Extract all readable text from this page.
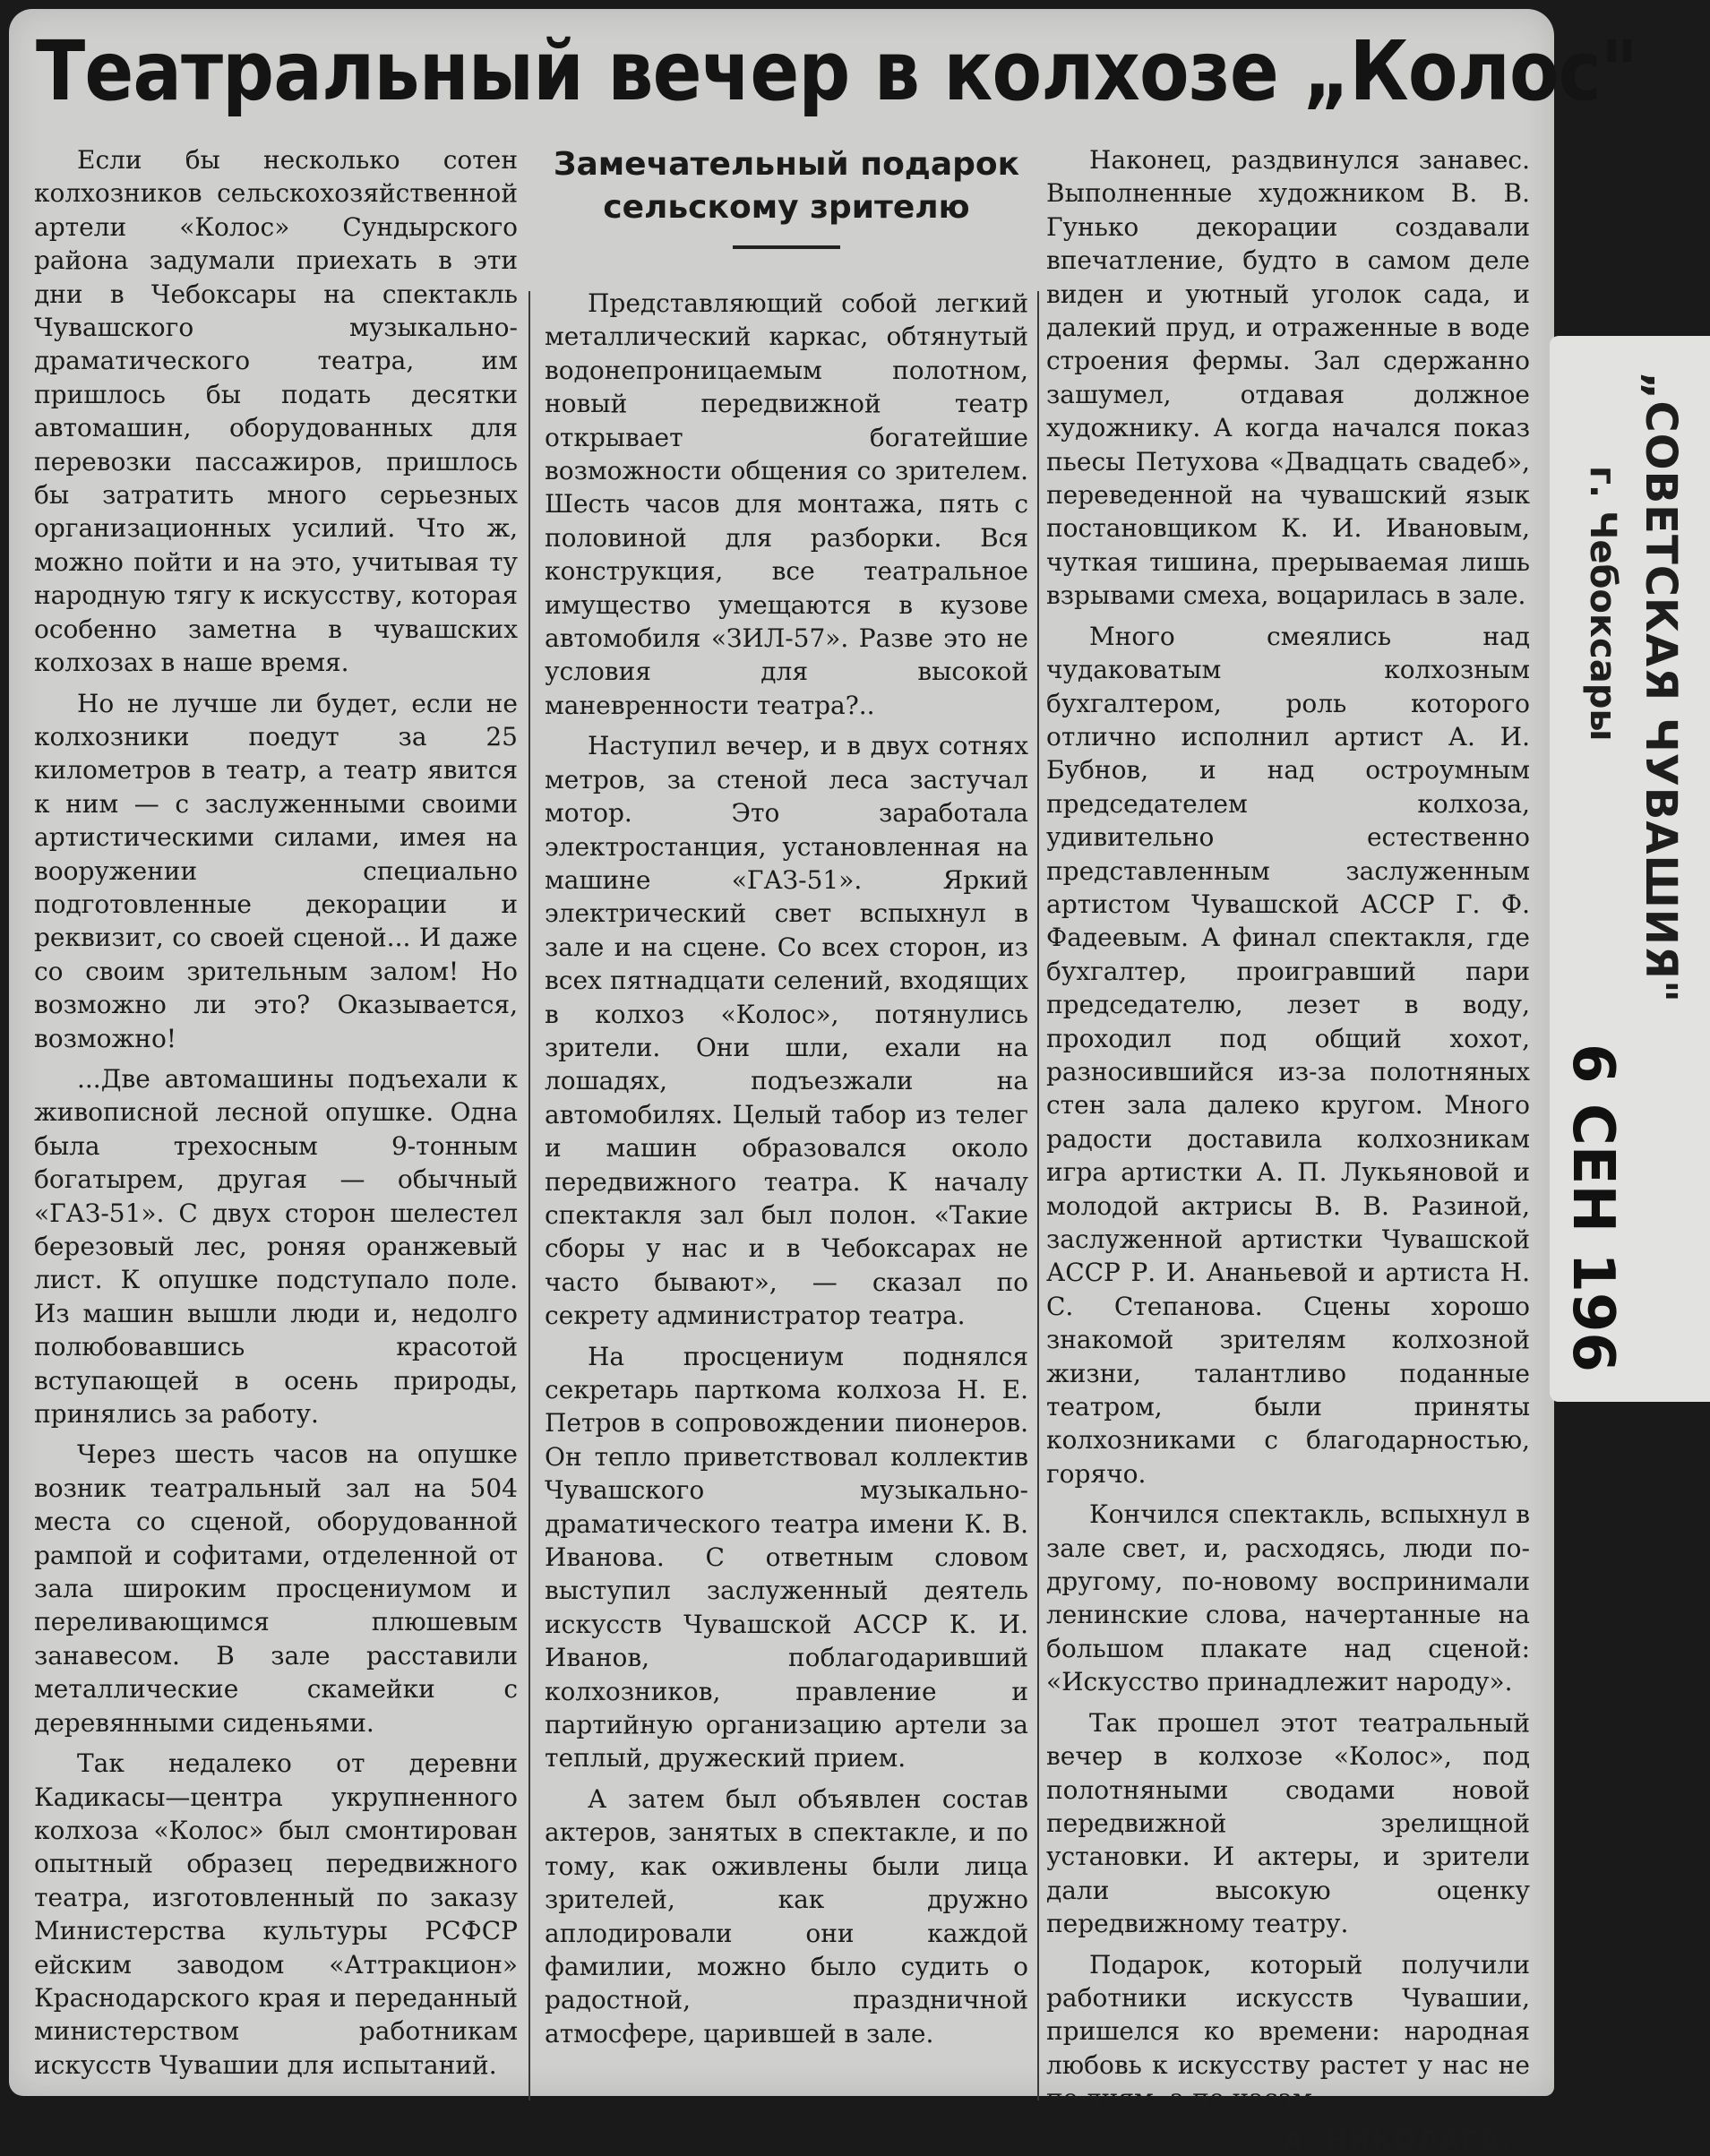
Театральный вечер в колхозе „Колос"

Если бы несколько сотен колхозников сельскохозяйственной артели «Колос» Сундырского района задумали приехать в эти дни в Чебоксары на спектакль Чувашского музыкально-драматического театра, им пришлось бы подать десятки автомашин, оборудованных для перевозки пассажиров, пришлось бы затратить много серьезных организационных усилий. Что ж, можно пойти и на это, учитывая ту народную тягу к искусству, которая особенно заметна в чувашских колхозах в наше время.

Но не лучше ли будет, если не колхозники поедут за 25 километров в театр, а театр явится к ним — с заслуженными своими артистическими силами, имея на вооружении специально подготовленные декорации и реквизит, со своей сценой... И даже со своим зрительным залом! Но возможно ли это? Оказывается, возможно!

...Две автомашины подъехали к живописной лесной опушке. Одна была трехосным 9-тонным богатырем, другая — обычный «ГАЗ-51». С двух сторон шелестел березовый лес, роняя оранжевый лист. К опушке подступало поле. Из машин вышли люди и, недолго полюбовавшись красотой вступающей в осень природы, принялись за работу.

Через шесть часов на опушке возник театральный зал на 504 места со сценой, оборудованной рампой и софитами, отделенной от зала широким просцениумом и переливающимся плюшевым занавесом. В зале расставили металлические скамейки с деревянными сиденьями.

Так недалеко от деревни Кадикасы—центра укрупненного колхоза «Колос» был смонтирован опытный образец передвижного театра, изготовленный по заказу Министерства культуры РСФСР ейским заводом «Аттракцион» Краснодарского края и переданный министерством работникам искусств Чувашии для испытаний.

Замечательный подарок сельскому зрителю

Представляющий собой легкий металлический каркас, обтянутый водонепроницаемым полотном, новый передвижной театр открывает богатейшие возможности общения со зрителем. Шесть часов для монтажа, пять с половиной для разборки. Вся конструкция, все театральное имущество умещаются в кузове автомобиля «ЗИЛ-57». Разве это не условия для высокой маневренности театра?..

Наступил вечер, и в двух сотнях метров, за стеной леса застучал мотор. Это заработала электростанция, установленная на машине «ГАЗ-51». Яркий электрический свет вспыхнул в зале и на сцене. Со всех сторон, из всех пятнадцати селений, входящих в колхоз «Колос», потянулись зрители. Они шли, ехали на лошадях, подъезжали на автомобилях. Целый табор из телег и машин образовался около передвижного театра. К началу спектакля зал был полон. «Такие сборы у нас и в Чебоксарах не часто бывают», — сказал по секрету администратор театра.

На просцениум поднялся секретарь парткома колхоза Н. Е. Петров в сопровождении пионеров. Он тепло приветствовал коллектив Чувашского музыкально-драматического театра имени К. В. Иванова. С ответным словом выступил заслуженный деятель искусств Чувашской АССР К. И. Иванов, поблагодаривший колхозников, правление и партийную организацию артели за теплый, дружеский прием.

А затем был объявлен состав актеров, занятых в спектакле, и по тому, как оживлены были лица зрителей, как дружно аплодировали они каждой фамилии, можно было судить о радостной, праздничной атмосфере, царившей в зале.

Наконец, раздвинулся занавес. Выполненные художником В. В. Гунько декорации создавали впечатление, будто в самом деле виден и уютный уголок сада, и далекий пруд, и отраженные в воде строения фермы. Зал сдержанно зашумел, отдавая должное художнику. А когда начался показ пьесы Петухова «Двадцать свадеб», переведенной на чувашский язык постановщиком К. И. Ивановым, чуткая тишина, прерываемая лишь взрывами смеха, воцарилась в зале.

Много смеялись над чудаковатым колхозным бухгалтером, роль которого отлично исполнил артист А. И. Бубнов, и над остроумным председателем колхоза, удивительно естественно представленным заслуженным артистом Чувашской АССР Г. Ф. Фадеевым. А финал спектакля, где бухгалтер, проигравший пари председателю, лезет в воду, проходил под общий хохот, разносившийся из-за полотняных стен зала далеко кругом. Много радости доставила колхозникам игра артистки А. П. Лукьяновой и молодой актрисы В. В. Разиной, заслуженной артистки Чувашской АССР Р. И. Ананьевой и артиста Н. С. Степанова. Сцены хорошо знакомой зрителям колхозной жизни, талантливо поданные театром, были приняты колхозниками с благодарностью, горячо.

Кончился спектакль, вспыхнул в зале свет, и, расходясь, люди по-другому, по-новому воспринимали ленинские слова, начертанные на большом плакате над сценой: «Искусство принадлежит народу».

Так прошел этот театральный вечер в колхозе «Колос», под полотняными сводами новой передвижной зрелищной установки. И актеры, и зрители дали высокую оценку передвижному театру.

Подарок, который получили работники искусств Чувашии, пришелся ко времени: народная любовь к искусству растет у нас не по дням, а по часам.

А. НИКОЛАЕВ.
„СОВЕТСКАЯ ЧУВАШИЯ"
г. Чебоксары
6 СЕН 196
